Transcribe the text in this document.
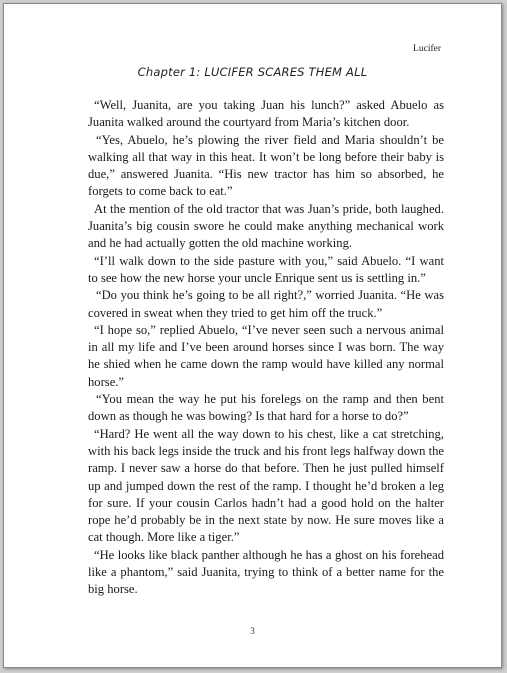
Lucifer
Chapter 1: LUCIFER SCARES THEM ALL

“Well, Juanita, are you taking Juan his lunch?” asked Abuelo as Juanita walked around the courtyard from Maria’s kitchen door.

“Yes, Abuelo, he’s plowing the river field and Maria shouldn’t be walking all that way in this heat. It won’t be long before their baby is due,” answered Juanita. “His new tractor has him so absorbed, he forgets to come back to eat.”

At the mention of the old tractor that was Juan’s pride, both laughed. Juanita’s big cousin swore he could make anything mechanical work and he had actually gotten the old machine working.

“I’ll walk down to the side pasture with you,” said Abuelo. “I want to see how the new horse your uncle Enrique sent us is settling in.”

“Do you think he’s going to be all right?,” worried Juanita. “He was covered in sweat when they tried to get him off the truck.”

“I hope so,” replied Abuelo, “I’ve never seen such a nervous animal in all my life and I’ve been around horses since I was born. The way he shied when he came down the ramp would have killed any normal horse.”

“You mean the way he put his forelegs on the ramp and then bent down as though he was bowing? Is that hard for a horse to do?”

“Hard? He went all the way down to his chest, like a cat stretching, with his back legs inside the truck and his front legs halfway down the ramp. I never saw a horse do that before. Then he just pulled himself up and jumped down the rest of the ramp. I thought he’d broken a leg for sure. If your cousin Carlos hadn’t had a good hold on the halter rope he’d probably be in the next state by now. He sure moves like a cat though. More like a tiger.”

“He looks like black panther although he has a ghost on his forehead like a phantom,” said Juanita, trying to think of a better name for the big horse.

3
